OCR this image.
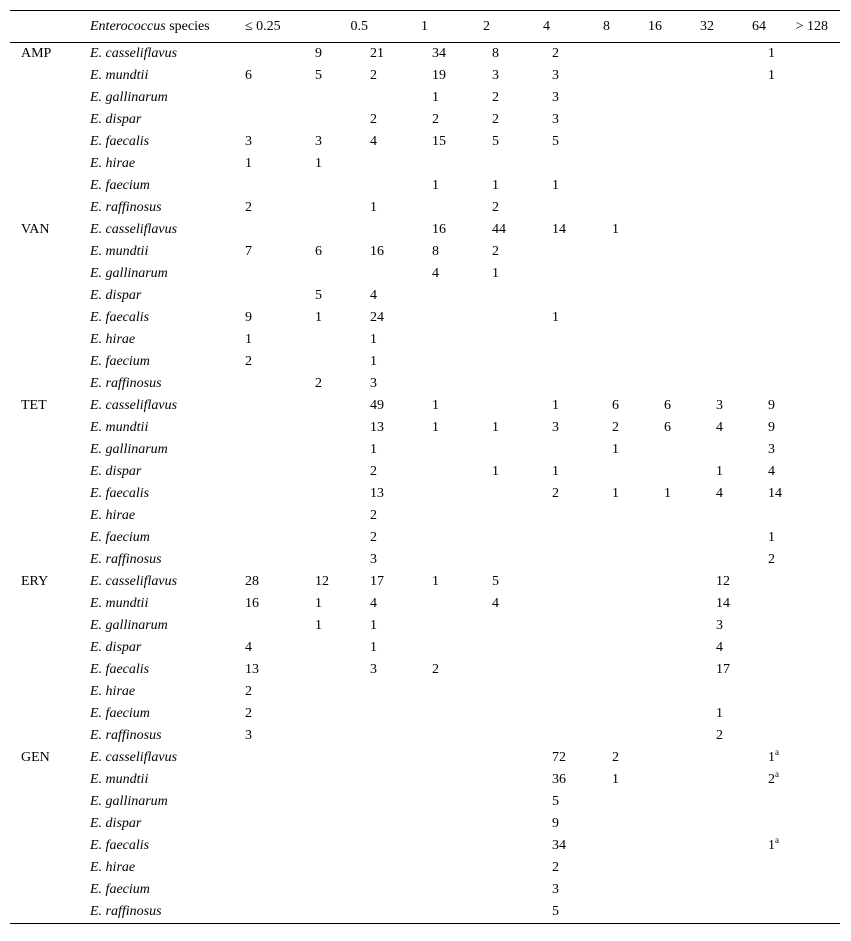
	Enterococcus species	≤ 0.25	0.5	1	2	4	8	16	32	64	> 128
AMP	E. casseliflavus		9	21	34	8	2				1
	E. mundtii	6	5	2	19	3	3				1
	E. gallinarum				1	2	3				
	E. dispar			2	2	2	3				
	E. faecalis	3	3	4	15	5	5				
	E. hirae	1	1								
	E. faecium				1	1	1				
	E. raffinosus	2		1		2					
VAN	E. casseliflavus				16	44	14	1			
	E. mundtii	7	6	16	8	2					
	E. gallinarum				4	1					
	E. dispar		5	4							
	E. faecalis	9	1	24			1				
	E. hirae	1		1							
	E. faecium	2		1							
	E. raffinosus		2	3							
TET	E. casseliflavus			49	1		1	6	6	3	9
	E. mundtii			13	1	1	3	2	6	4	9
	E. gallinarum			1				1			3
	E. dispar			2		1	1			1	4
	E. faecalis			13			2	1	1	4	14
	E. hirae			2							
	E. faecium			2							1
	E. raffinosus			3							2
ERY	E. casseliflavus	28	12	17	1	5				12	
	E. mundtii	16	1	4		4				14	
	E. gallinarum		1	1						3	
	E. dispar	4		1						4	
	E. faecalis	13		3	2					17	
	E. hirae	2									
	E. faecium	2								1	
	E. raffinosus	3								2	
GEN	E. casseliflavus						72	2			1$^a$
	E. mundtii						36	1			2$^a$
	E. gallinarum						5				
	E. dispar						9				
	E. faecalis						34				1$^a$
	E. hirae						2				
	E. faecium						3				
	E. raffinosus						5				
